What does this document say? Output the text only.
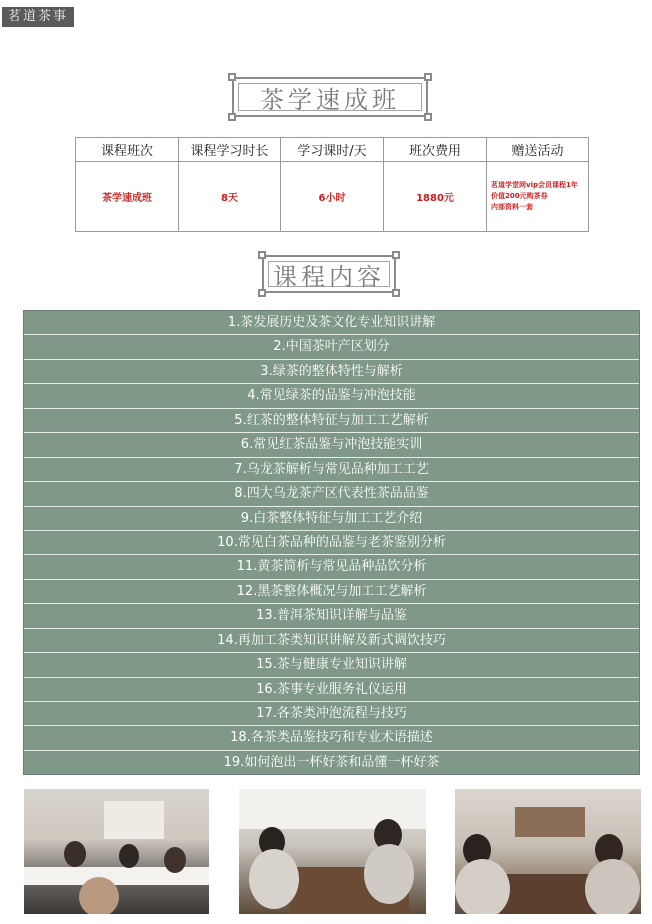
茗道茶事
茶学速成班
课程班次	课程学习时长	学习课时/天	班次费用	赠送活动
茶学速成班	8天	6小时	1880元	茗道学堂网vip会员课程1年
价值200元购茶券
内部资料一套
课程内容
1.茶发展历史及茶文化专业知识讲解
2.中国茶叶产区划分
3.绿茶的整体特性与解析
4.常见绿茶的品鉴与冲泡技能
5.红茶的整体特征与加工工艺解析
6.常见红茶品鉴与冲泡技能实训
7.乌龙茶解析与常见品种加工工艺
8.四大乌龙茶产区代表性茶品品鉴
9.白茶整体特征与加工工艺介绍
10.常见白茶品种的品鉴与老茶鉴别分析
11.黄茶简析与常见品种品饮分析
12.黑茶整体概况与加工工艺解析
13.普洱茶知识详解与品鉴
14.再加工茶类知识讲解及新式调饮技巧
15.茶与健康专业知识讲解
16.茶事专业服务礼仪运用
17.各茶类冲泡流程与技巧
18.各茶类品鉴技巧和专业术语描述
19.如何泡出一杯好茶和品懂一杯好茶
